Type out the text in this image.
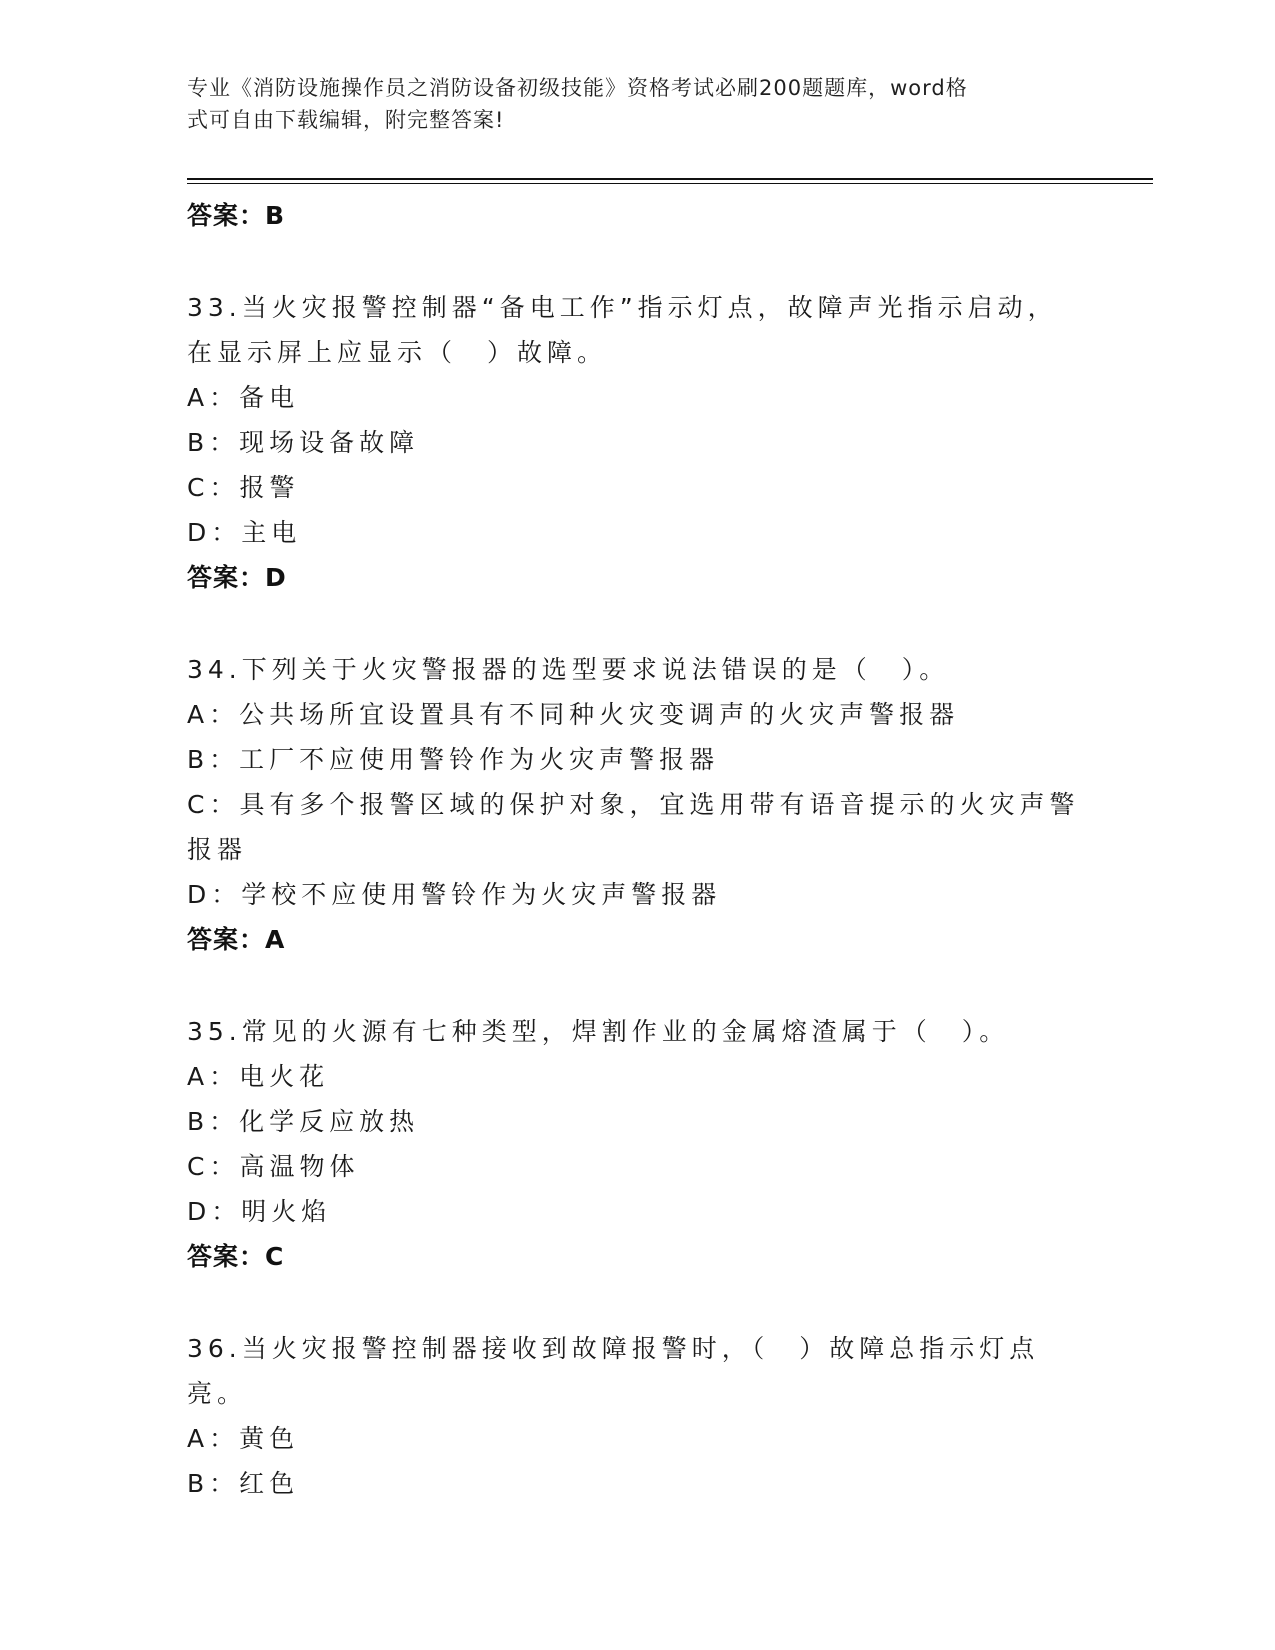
专业《消防设施操作员之消防设备初级技能》资格考试必刷200题题库，word格
式可自由下载编辑，附完整答案!
答案：B
33.当火灾报警控制器“备电工作”指示灯点，故障声光指示启动，在显示屏上应显示（　）故障。
A：备电
B：现场设备故障
C：报警
D：主电
答案：D
34.下列关于火灾警报器的选型要求说法错误的是（　）。
A：公共场所宜设置具有不同种火灾变调声的火灾声警报器
B：工厂不应使用警铃作为火灾声警报器
C：具有多个报警区域的保护对象，宜选用带有语音提示的火灾声警报器
D：学校不应使用警铃作为火灾声警报器
答案：A
35.常见的火源有七种类型，焊割作业的金属熔渣属于（　）。
A：电火花
B：化学反应放热
C：高温物体
D：明火焰
答案：C
36.当火灾报警控制器接收到故障报警时，（　）故障总指示灯点亮。
A：黄色
B：红色
